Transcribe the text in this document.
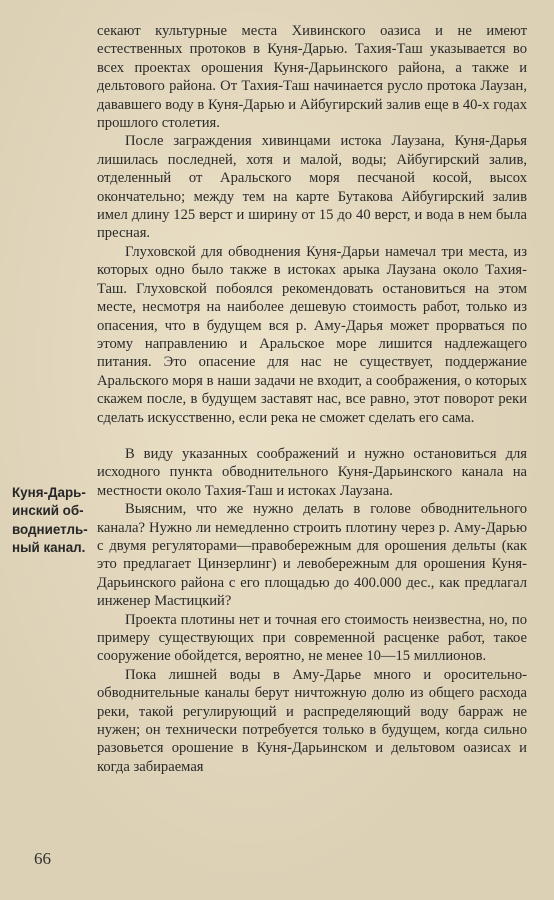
секают культурные места Хивинского оазиса и не имеют естественных протоков в Куня-Дарью. Тахия-Таш указывается во всех проектах орошения Куня-Дарьинского района, а также и дельтового района. От Тахия-Таш начинается русло протока Лаузан, дававшего воду в Куня-Дарью и Айбугирский залив еще в 40-х годах прошлого столетия.

После заграждения хивинцами истока Лаузана, Куня-Дарья лишилась последней, хотя и малой, воды; Айбугирский залив, отделенный от Аральского моря песчаной косой, высох окончательно; между тем на карте Бутакова Айбугирский залив имел длину 125 верст и ширину от 15 до 40 верст, и вода в нем была пресная.

Глуховской для обводнения Куня-Дарьи намечал три места, из которых одно было также в истоках арыка Лаузана около Тахия-Таш. Глуховской побоялся рекомендовать остановиться на этом месте, несмотря на наиболее дешевую стоимость работ, только из опасения, что в будущем вся р. Аму-Дарья может прорваться по этому направлению и Аральское море лишится надлежащего питания. Это опасение для нас не существует, поддержание Аральского моря в наши задачи не входит, а соображения, о которых скажем после, в будущем заставят нас, все равно, этот поворот реки сделать искусственно, если река не сможет сделать его сама.

В виду указанных соображений и нужно остановиться для исходного пункта обводнительного Куня-Дарьинского канала на местности около Тахия-Таш и истоках Лаузана.

Выясним, что же нужно делать в голове обводнительного канала? Нужно ли немедленно строить плотину через р. Аму-Дарью с двумя регуляторами—правобережным для орошения дельты (как это предлагает Цинзерлинг) и левобережным для орошения Куня-Дарьинского района с его площадью до 400.000 дес., как предлагал инженер Мастицкий?

Проекта плотины нет и точная его стоимость неизвестна, но, по примеру существующих при современной расценке работ, такое сооружение обойдется, вероятно, не менее 10—15 миллионов.

Пока лишней воды в Аму-Дарье много и оросительно-обводнительные каналы берут ничтожную долю из общего расхода реки, такой регулирующий и распределяющий воду барраж не нужен; он технически потребуется только в будущем, когда сильно разовьется орошение в Куня-Дарьинском и дельтовом оазисах и когда забираемая

Куня-Дарь-
инский об-
водниетль-
ный канал.
66
